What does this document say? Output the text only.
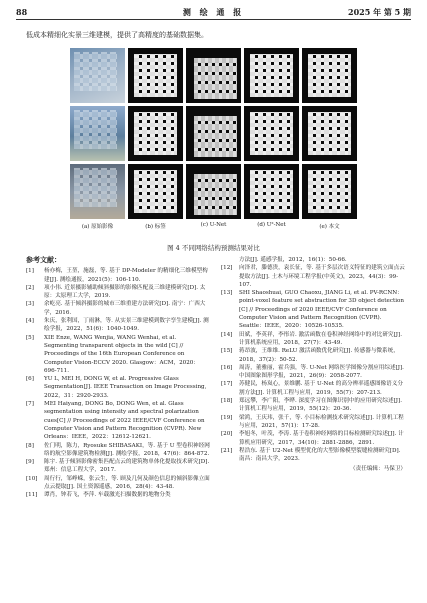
88	测 绘 通 报	2025 年 第 5 期
低成本精细化实景三维建模，提供了高精度的基础数据集。
(a) 原始影像	(b) 标签	(c) U-Net	(d) U²-Net	(e) 本文
图 4 不同网络结构预测结果对比
参考文献：
[1]	杨亦梅，王堃，施磊，等. 基于 DP-Modeler 的精细化三维模型构建[J]. 测绘通报，2021(5)：106-110.
[2]	项小伟. 近景摄影辅助倾斜摄影的影像匹配及三维建模研究[D]. 太原：太原理工大学，2019.
[3]	余屹亮. 基于倾斜摄影的城市三维重建方法研究[D]. 南宁：广西大学，2016.
[4]	朱庆，张利国，丁雨淋，等. 从实景三维建模到数字孪生建模[J]. 测绘学报，2022，51(6)：1040-1049.
[5]	XIE Enze, WANG Wenjia, WANG Wenhai, et al. Segmenting transparent objects in the wild [C] // Proceedings of the 16th European Conference on Computer Vision-ECCV 2020. Glasgow：ACM，2020：696-711.
[6]	YU L, MEI H, DONG W, et al. Progressive Glass Segmentation[J]. IEEE Transaction on Image Processing, 2022，31：2920-2933.
[7]	MEI Haiyang, DONG Bo, DONG Wen, et al. Glass segmentation using intensity and spectral polarization cues[C] // Proceedings of 2022 IEEE/CVF Conference on Computer Vision and Pattern Recognition (CVPR). New Orleans：IEEE，2022：12612-12621.
[8]	佐门明，陈力，Ryosuke SHIBASAKI，等. 基于 U 型卷积神经网络的航空影像建筑物检测[J]. 测绘学报，2018，47(6)：864-872.
[9]	陈宇. 基于倾斜影像密集匹配点云的建筑物单体化提取技术研究[D]. 郑州：信息工程大学，2017.
[10]	周行行，邹峥嵘，张云生，等. 顾及几何及颜色信息的倾斜影像立面点云提取[J]. 国土资源遥感，2016，28(4)：43-48.
[11]	谭肖，钟若飞，李萍. 车载激光扫描数据的地物分类
方法[J]. 遥感学报，2012，16(1)：50-66.
[12]	向泽君，滕德贵，袁长征，等. 基于多层次语义特征的建筑立面点云提取方法[J]. 土木与环境工程学报(中英文)，2023，44(3)：99-107.
[13]	SHI Shaoshuai, GUO Chaoxu, JIANG Li, et al. PV-RCNN：point-voxel feature set abstraction for 3D object detection [C] // Proceedings of 2020 IEEE/CVF Conference on Computer Vision and Pattern Recognition (CVPR). Seattle：IEEE，2020：10526-10535.
[14]	田斌，李英祥，李彤岩. 激活函数在卷积神经网络中的对比研究[J]. 计算机系统应用，2018，27(7)：43-49.
[15]	蒋昂波，王维维. ReLU 激活函数优化研究[J]. 传感器与微系统，2018，37(2)：50-52.
[16]	周涛，董雅丽，霍兵强，等. U-Net 网络医学图像分割应用综述[J]. 中国图象图形学报，2021，26(9)：2058-2077.
[17]	苏健民，杨岚心，景维鹏. 基于 U-Net 的高分辨率遥感图像语义分割方法[J]. 计算机工程与应用，2019，55(7)：207-213.
[18]	郑远攀，李广阳，李晔. 深度学习在图像识别中的应用研究综述[J]. 计算机工程与应用，2019，55(12)：20-36.
[19]	梁鸿，王庆玮，张千，等. 小目标检测技术研究综述[J]. 计算机工程与应用，2021，57(1)：17-28.
[20]	李旭冬，叶茂，李涛. 基于卷积神经网络的目标检测研究综述[J]. 计算机应用研究，2017，34(10)：2881-2886，2891.
[21]	程浩东. 基于 U2-Net 模型优化的大型影像模型裂缝检测研究[D]. 南昌：南昌大学，2023.
（责任编辑：马保卫）
